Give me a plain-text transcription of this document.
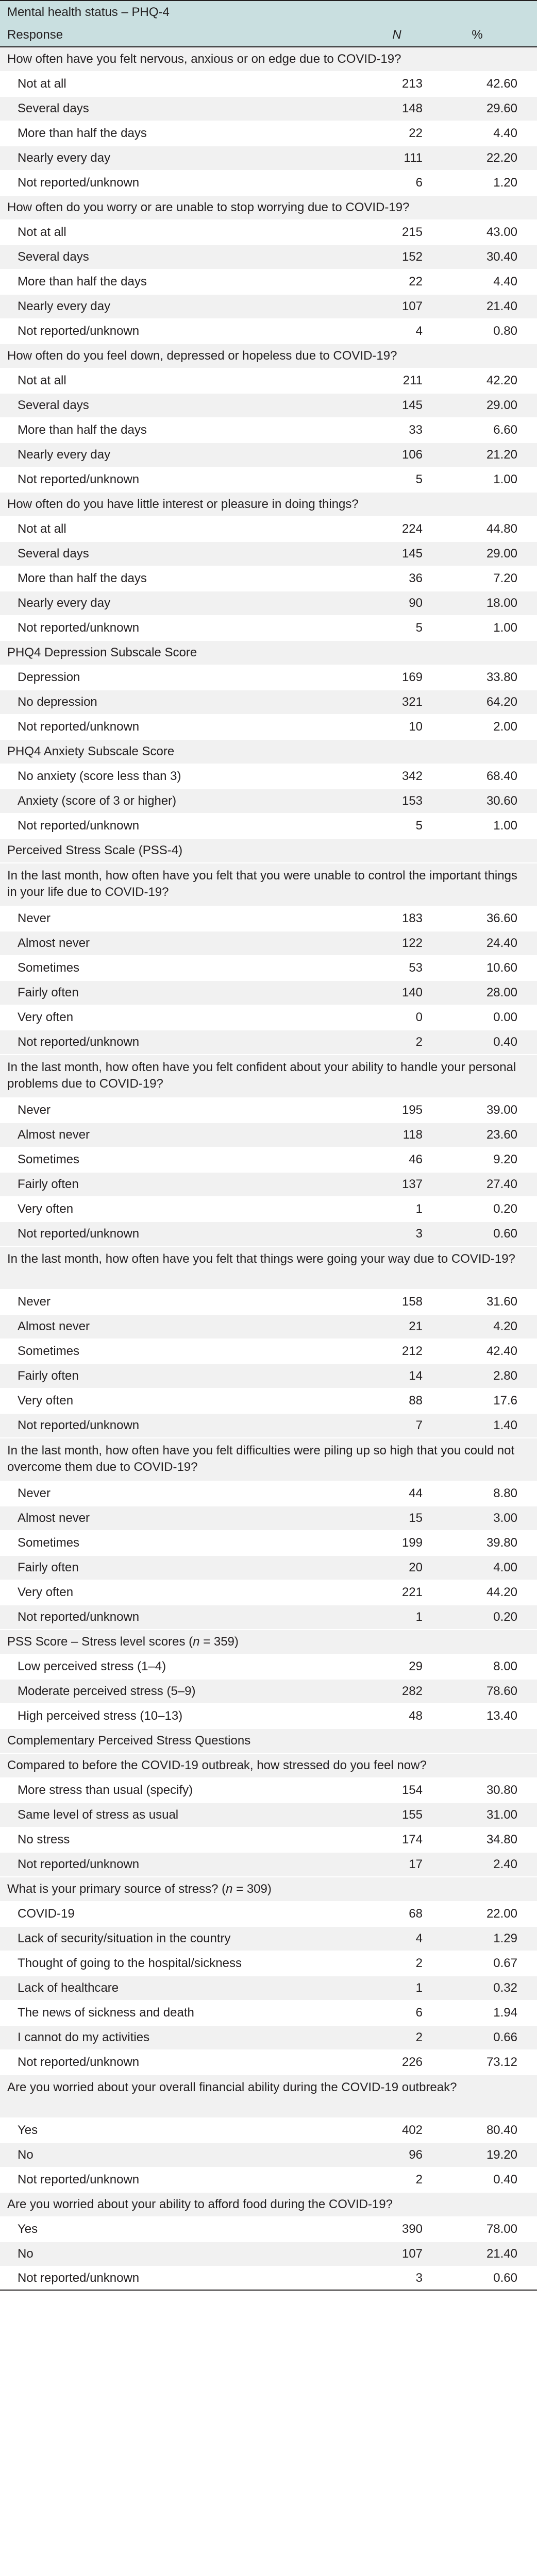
Mental health status – PHQ-4
Response	N	%
How often have you felt nervous, anxious or on edge due to COVID-19?
Not at all	213	42.60
Several days	148	29.60
More than half the days	22	4.40
Nearly every day	111	22.20
Not reported/unknown	6	1.20
How often do you worry or are unable to stop worrying due to COVID-19?
Not at all	215	43.00
Several days	152	30.40
More than half the days	22	4.40
Nearly every day	107	21.40
Not reported/unknown	4	0.80
How often do you feel down, depressed or hopeless due to COVID-19?
Not at all	211	42.20
Several days	145	29.00
More than half the days	33	6.60
Nearly every day	106	21.20
Not reported/unknown	5	1.00
How often do you have little interest or pleasure in doing things?
Not at all	224	44.80
Several days	145	29.00
More than half the days	36	7.20
Nearly every day	90	18.00
Not reported/unknown	5	1.00
PHQ4 Depression Subscale Score
Depression	169	33.80
No depression	321	64.20
Not reported/unknown	10	2.00
PHQ4 Anxiety Subscale Score
No anxiety (score less than 3)	342	68.40
Anxiety (score of 3 or higher)	153	30.60
Not reported/unknown	5	1.00
Perceived Stress Scale (PSS-4)
In the last month, how often have you felt that you were unable to control the important things in your life due to COVID-19?
Never	183	36.60
Almost never	122	24.40
Sometimes	53	10.60
Fairly often	140	28.00
Very often	0	0.00
Not reported/unknown	2	0.40
In the last month, how often have you felt confident about your ability to handle your personal problems due to COVID-19?
Never	195	39.00
Almost never	118	23.60
Sometimes	46	9.20
Fairly often	137	27.40
Very often	1	0.20
Not reported/unknown	3	0.60
In the last month, how often have you felt that things were going your way due to COVID-19?
Never	158	31.60
Almost never	21	4.20
Sometimes	212	42.40
Fairly often	14	2.80
Very often	88	17.6
Not reported/unknown	7	1.40
In the last month, how often have you felt difficulties were piling up so high that you could not overcome them due to COVID-19?
Never	44	8.80
Almost never	15	3.00
Sometimes	199	39.80
Fairly often	20	4.00
Very often	221	44.20
Not reported/unknown	1	0.20
PSS Score – Stress level scores (n = 359)
Low perceived stress (1–4)	29	8.00
Moderate perceived stress (5–9)	282	78.60
High perceived stress (10–13)	48	13.40
Complementary Perceived Stress Questions
Compared to before the COVID-19 outbreak, how stressed do you feel now?
More stress than usual (specify)	154	30.80
Same level of stress as usual	155	31.00
No stress	174	34.80
Not reported/unknown	17	2.40
What is your primary source of stress? (n = 309)
COVID-19	68	22.00
Lack of security/situation in the country	4	1.29
Thought of going to the hospital/sickness	2	0.67
Lack of healthcare	1	0.32
The news of sickness and death	6	1.94
I cannot do my activities	2	0.66
Not reported/unknown	226	73.12
Are you worried about your overall financial ability during the COVID-19 outbreak?
Yes	402	80.40
No	96	19.20
Not reported/unknown	2	0.40
Are you worried about your ability to afford food during the COVID-19?
Yes	390	78.00
No	107	21.40
Not reported/unknown	3	0.60
